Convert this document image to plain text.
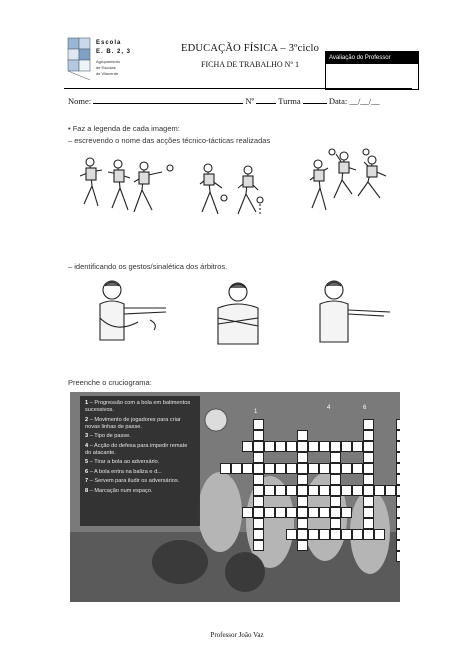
Escola
E. B. 2, 3
Agrupamento
de Escolas
de Vilaverde
EDUCAÇÃO FÍSICA – 3ºciclo
FICHA DE TRABALHO Nº 1
Avaliação do Professor
Nome:	Nº	Turma	Data: __/__/__
• Faz a legenda de cada imagem:
– escrevendo o nome das acções técnico-tácticas realizadas
– identificando os gestos/sinalética dos árbitros.
Preenche o cruciograma:
1 – Progressão com a bola em batimentos sucessivos.
2 – Movimento de jogadores para criar novas linhas de passe.
3 – Tipo de passe.
4 – Acção do defesa para impedir remate do atacante.
5 – Tirar a bola ao adversário.
6 – A bola entra na baliza e d...
7 – Servem para iludir os adversários.
8 – Marcação num espaço.
1
4	6
Professor João Vaz
